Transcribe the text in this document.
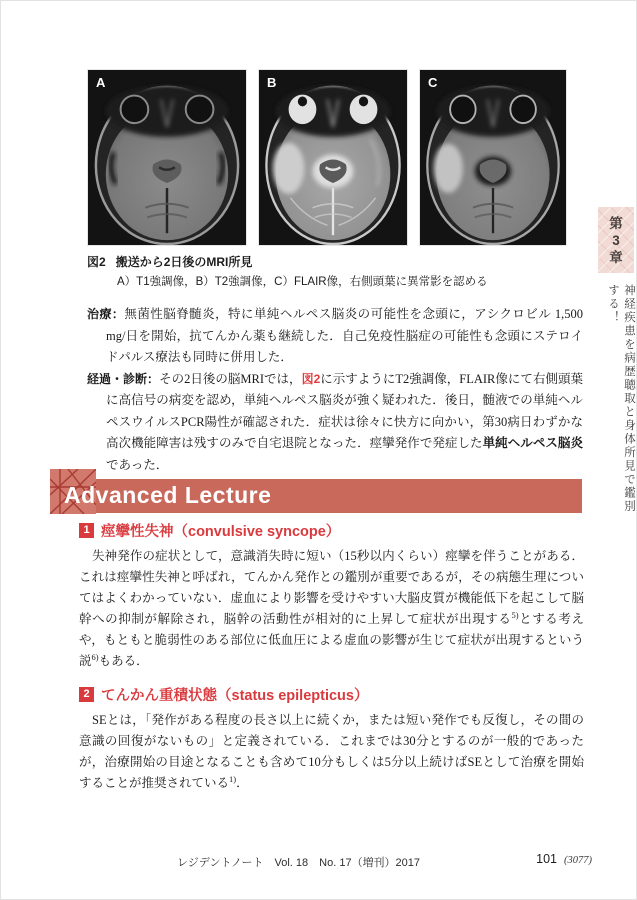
A	B	C
図2 搬送から2日後のMRI所見
A）T1強調像，B）T2強調像，C）FLAIR像，右側頭葉に異常影を認める

治療：無菌性脳脊髄炎，特に単純ヘルペス脳炎の可能性を念頭に，アシクロビル 1,500 mg/日を開始，抗てんかん薬も継続した．自己免疫性脳症の可能性も念頭にステロイドパルス療法も同時に併用した．

経過・診断：その2日後の脳MRIでは，図2に示すようにT2強調像，FLAIR像にて右側頭葉に高信号の病変を認め，単純ヘルペス脳炎が強く疑われた．後日，髄液での単純ヘルペスウイルスPCR陽性が確認された．症状は徐々に快方に向かい，第30病日わずかな高次機能障害は残すのみで自宅退院となった．痙攣発作で発症した単純ヘルペス脳炎であった．

Advanced Lecture
1 痙攣性失神（convulsive syncope）

失神発作の症状として，意識消失時に短い（15秒以内くらい）痙攣を伴うことがある．これは痙攣性失神と呼ばれ，てんかん発作との鑑別が重要であるが，その病態生理についてはよくわかっていない．虚血により影響を受けやすい大脳皮質が機能低下を起こして脳幹への抑制が解除され，脳幹の活動性が相対的に上昇して症状が出現する$^{5)}$とする考えや，もともと脆弱性のある部位に低血圧による虚血の影響が生じて症状が出現するという説$^{6)}$もある．

2 てんかん重積状態（status epilepticus）

SEとは，「発作がある程度の長さ以上に続くか，または短い発作でも反復し，その間の意識の回復がないもの」と定義されている．これまでは30分とするのが一般的であったが，治療開始の目途となることも含めて10分もしくは5分以上続けばSEとして治療を開始することが推奨されている$^{1)}$．

第
3
章
神経疾患を病歴聴取と身体所見で鑑別する！
レジデントノート　Vol. 18　No. 17（増刊）2017	101 (3077)
